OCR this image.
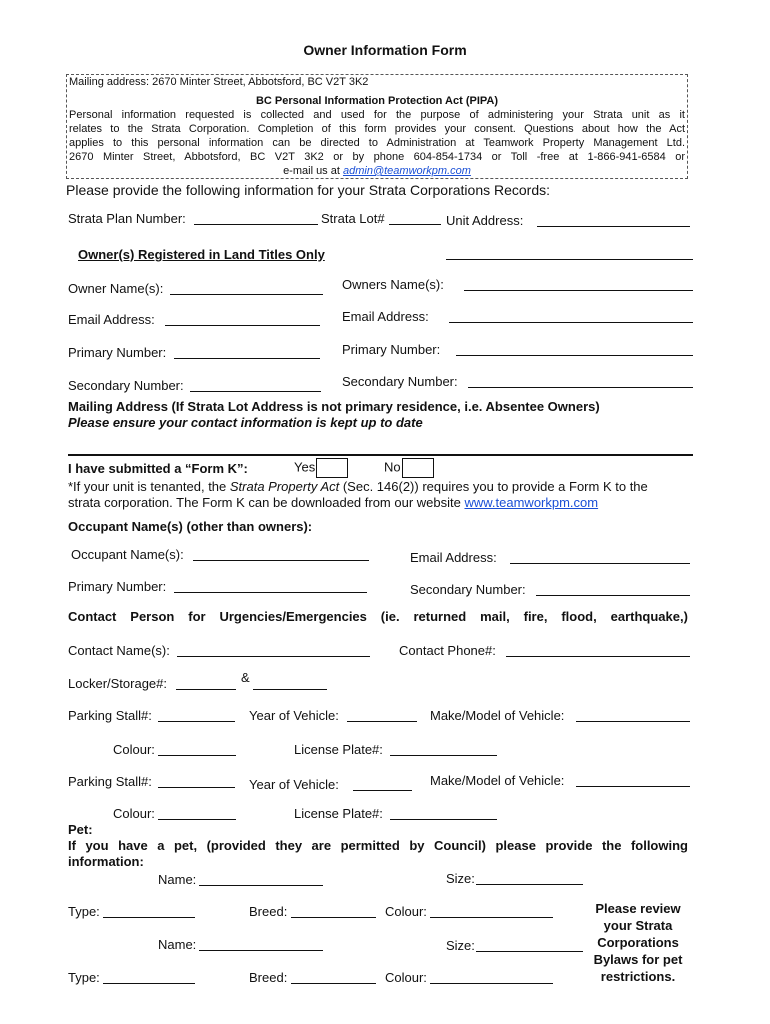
Owner Information Form
Mailing address: 2670 Minter Street, Abbotsford, BC V2T 3K2
BC Personal Information Protection Act (PIPA)
Personal information requested is collected and used for the purpose of administering your Strata unit as it
relates to the Strata Corporation. Completion of this form provides your consent. Questions about how the Act
applies to this personal information can be directed to Administration at Teamwork Property Management Ltd.
2670 Minter Street, Abbotsford, BC V2T 3K2 or by phone 604-854-1734 or Toll -free at 1-866-941-6584 or
e-mail us at admin@teamworkpm.com
Please provide the following information for your Strata Corporations Records:
Strata Plan Number:	Strata Lot#	Unit Address:
Owner(s) Registered in Land Titles Only
Owner Name(s):	Owners Name(s):
Email Address:	Email Address:
Primary Number:	Primary Number:
Secondary Number:	Secondary Number:
Mailing Address (If Strata Lot Address is not primary residence, i.e. Absentee Owners)
Please ensure your contact information is kept up to date
I have submitted a “Form K”:	Yes	No
*If your unit is tenanted, the Strata Property Act (Sec. 146(2)) requires you to provide a Form K to the
strata corporation. The Form K can be downloaded from our website www.teamworkpm.com
Occupant Name(s) (other than owners):
Occupant Name(s):	Email Address:
Primary Number:	Secondary Number:
Contact Person for Urgencies/Emergencies (ie. returned mail, fire, flood, earthquake,)
Contact Name(s):	Contact Phone#:
Locker/Storage#:	&
Parking Stall#:	Year of Vehicle:	Make/Model of Vehicle:
Colour:	License Plate#:
Parking Stall#:	Year of Vehicle:	Make/Model of Vehicle:
Colour:	License Plate#:
Pet:
If you have a pet, (provided they are permitted by Council) please provide the following
information:
Name:	Size:
Type:	Breed:	Colour:
Name:	Size:
Type:	Breed:	Colour:
Please review
your Strata
Corporations
Bylaws for pet
restrictions.
